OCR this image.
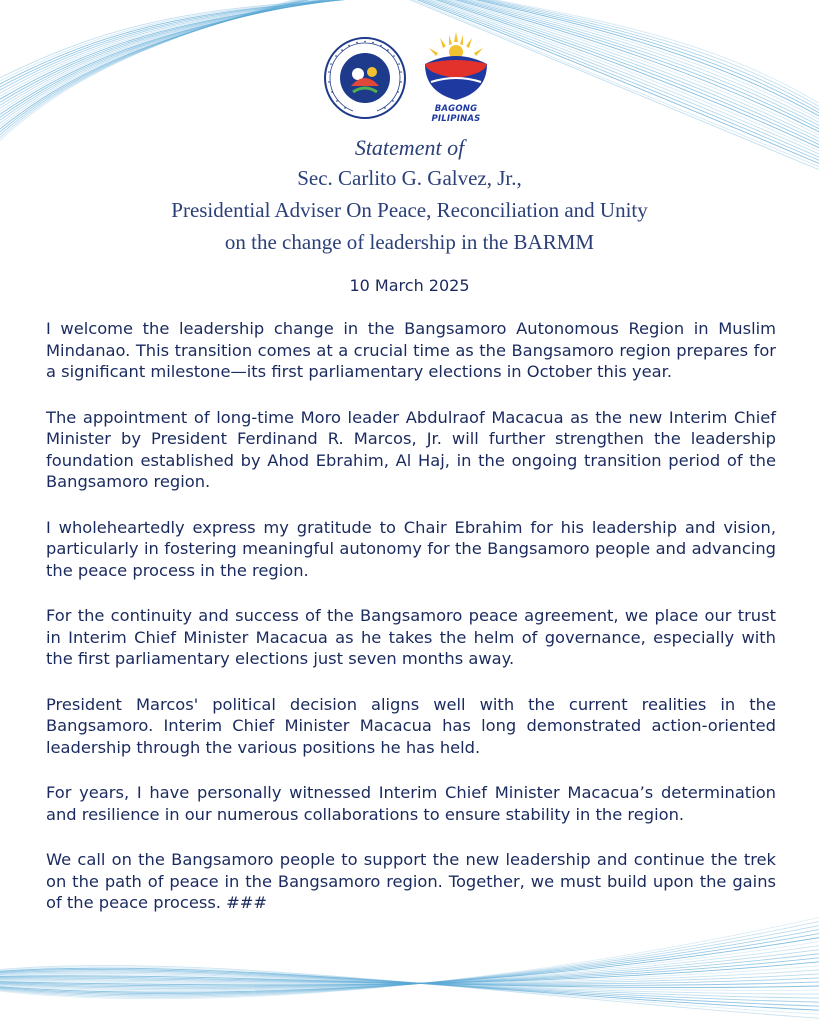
BAGONG PILIPINAS
Statement of
Sec. Carlito G. Galvez, Jr.,
Presidential Adviser On Peace, Reconciliation and Unity
on the change of leadership in the BARMM
10 March 2025

I welcome the leadership change in the Bangsamoro Autonomous Region in Muslim Mindanao. This transition comes at a crucial time as the Bangsamoro region prepares for a significant milestone—its first parliamentary elections in October this year.

The appointment of long-time Moro leader Abdulraof Macacua as the new Interim Chief Minister by President Ferdinand R. Marcos, Jr. will further strengthen the leadership foundation established by Ahod Ebrahim, Al Haj, in the ongoing transition period of the Bangsamoro region.

I wholeheartedly express my gratitude to Chair Ebrahim for his leadership and vision, particularly in fostering meaningful autonomy for the Bangsamoro people and advancing the peace process in the region.

For the continuity and success of the Bangsamoro peace agreement, we place our trust in Interim Chief Minister Macacua as he takes the helm of governance, especially with the first parliamentary elections just seven months away.

President Marcos' political decision aligns well with the current realities in the Bangsamoro. Interim Chief Minister Macacua has long demonstrated action-oriented leadership through the various positions he has held.

For years, I have personally witnessed Interim Chief Minister Macacua’s determination and resilience in our numerous collaborations to ensure stability in the region.

We call on the Bangsamoro people to support the new leadership and continue the trek on the path of peace in the Bangsamoro region. Together, we must build upon the gains of the peace process. ###
